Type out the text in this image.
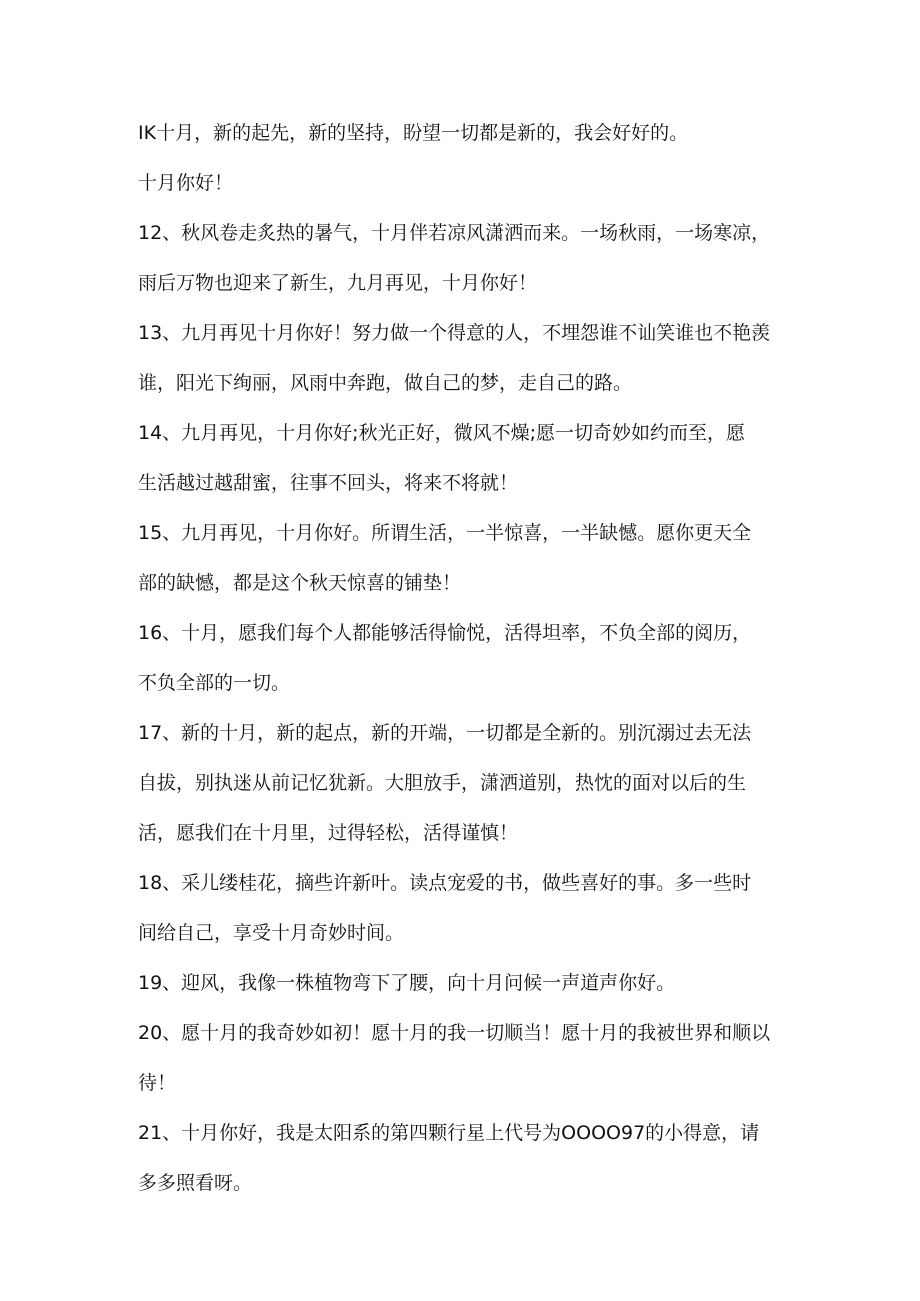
IK十月，新的起先，新的坚持，盼望一切都是新的，我会好好的。
十月你好！
12、秋风卷走炙热的暑气，十月伴若凉风潇洒而来。一场秋雨，一场寒凉，
雨后万物也迎来了新生，九月再见，十月你好！
13、九月再见十月你好！努力做一个得意的人，不埋怨谁不讪笑谁也不艳羡
谁，阳光下绚丽，风雨中奔跑，做自己的梦，走自己的路。
14、九月再见，十月你好;秋光正好，微风不燥;愿一切奇妙如约而至，愿
生活越过越甜蜜，往事不回头，将来不将就！
15、九月再见，十月你好。所谓生活，一半惊喜，一半缺憾。愿你更天全
部的缺憾，都是这个秋天惊喜的铺垫！
16、十月，愿我们每个人都能够活得愉悦，活得坦率，不负全部的阅历，
不负全部的一切。
17、新的十月，新的起点，新的开端，一切都是全新的。别沉溺过去无法
自拔，别执迷从前记忆犹新。大胆放手，潇洒道别，热忱的面对以后的生
活，愿我们在十月里，过得轻松，活得谨慎！
18、采儿缕桂花，摘些许新叶。读点宠爱的书，做些喜好的事。多一些时
间给自己，享受十月奇妙时间。
19、迎风，我像一株植物弯下了腰，向十月问候一声道声你好。
20、愿十月的我奇妙如初！愿十月的我一切顺当！愿十月的我被世界和顺以
待！
21、十月你好，我是太阳系的第四颗行星上代号为OOOO97的小得意，请
多多照看呀。
